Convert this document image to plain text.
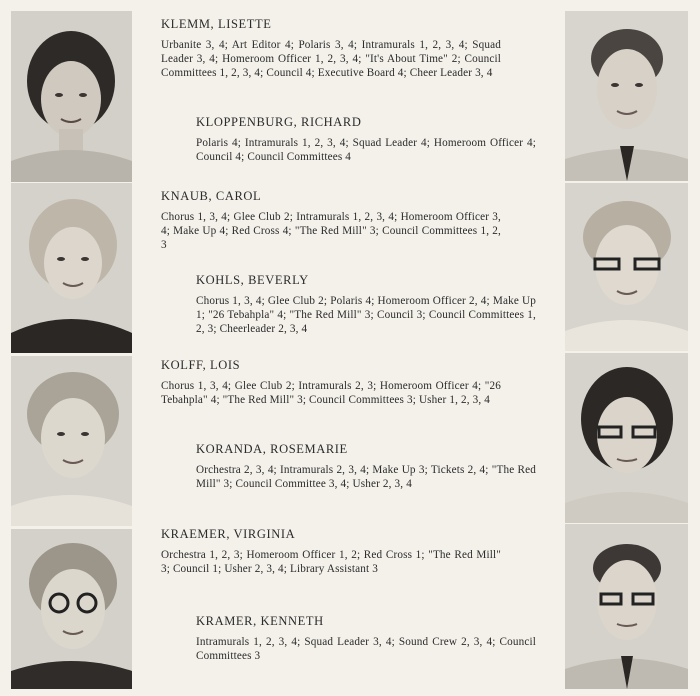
KLEMM, LISETTE

Urbanite 3, 4; Art Editor 4; Polaris 3, 4; Intramurals 1, 2, 3, 4; Squad Leader 3, 4; Homeroom Officer 1, 2, 3, 4; "It's About Time" 2; Council Committees 1, 2, 3, 4; Council 4; Executive Board 4; Cheer Leader 3, 4

KLOPPENBURG, RICHARD

Polaris 4; Intramurals 1, 2, 3, 4; Squad Leader 4; Homeroom Officer 4; Council 4; Council Committees 4

KNAUB, CAROL

Chorus 1, 3, 4; Glee Club 2; Intramurals 1, 2, 3, 4; Homeroom Officer 3, 4; Make Up 4; Red Cross 4; "The Red Mill" 3; Council Committees 1, 2, 3

KOHLS, BEVERLY

Chorus 1, 3, 4; Glee Club 2; Polaris 4; Homeroom Officer 2, 4; Make Up 1; "26 Tebahpla" 4; "The Red Mill" 3; Council 3; Council Committees 1, 2, 3; Cheerleader 2, 3, 4

KOLFF, LOIS

Chorus 1, 3, 4; Glee Club 2; Intramurals 2, 3; Homeroom Officer 4; "26 Tebahpla" 4; "The Red Mill" 3; Council Committees 3; Usher 1, 2, 3, 4

KORANDA, ROSEMARIE

Orchestra 2, 3, 4; Intramurals 2, 3, 4; Make Up 3; Tickets 2, 4; "The Red Mill" 3; Council Committee 3, 4; Usher 2, 3, 4

KRAEMER, VIRGINIA

Orchestra 1, 2, 3; Homeroom Officer 1, 2; Red Cross 1; "The Red Mill" 3; Council 1; Usher 2, 3, 4; Library Assistant 3

KRAMER, KENNETH

Intramurals 1, 2, 3, 4; Squad Leader 3, 4; Sound Crew 2, 3, 4; Council Committees 3
